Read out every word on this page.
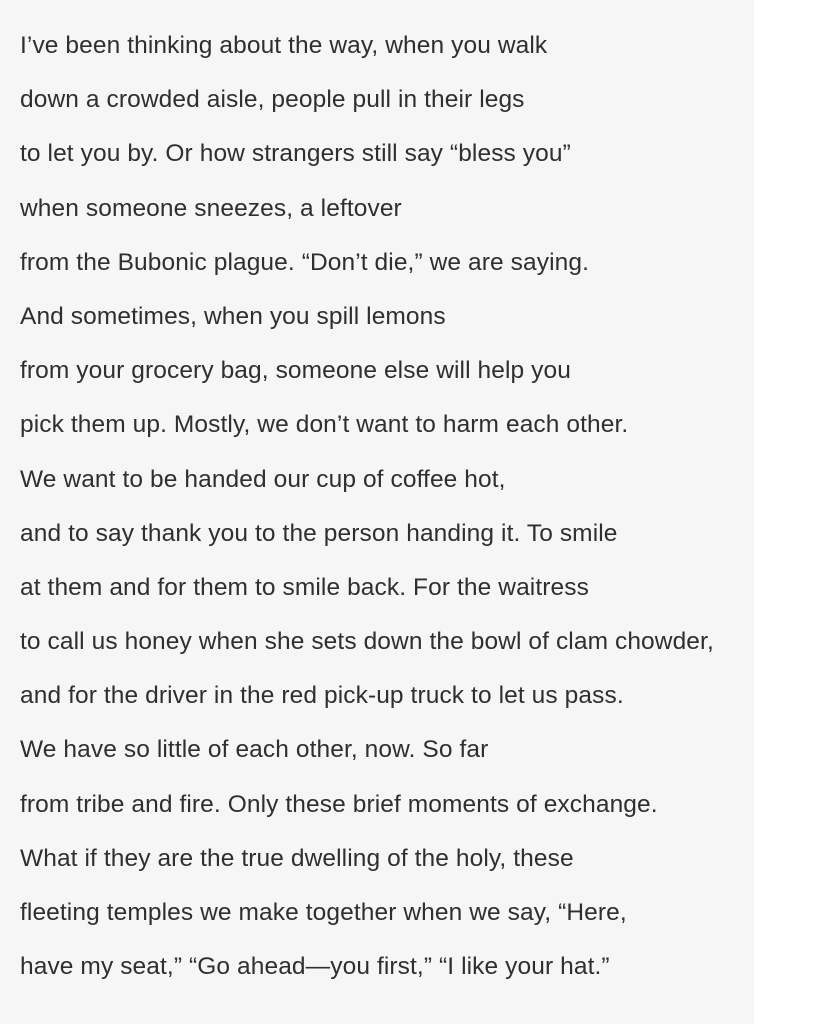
I’ve been thinking about the way, when you walk
down a crowded aisle, people pull in their legs
to let you by. Or how strangers still say “bless you”
when someone sneezes, a leftover
from the Bubonic plague. “Don’t die,” we are saying.
And sometimes, when you spill lemons
from your grocery bag, someone else will help you
pick them up. Mostly, we don’t want to harm each other.
We want to be handed our cup of coffee hot,
and to say thank you to the person handing it. To smile
at them and for them to smile back. For the waitress
to call us honey when she sets down the bowl of clam chowder,
and for the driver in the red pick-up truck to let us pass.
We have so little of each other, now. So far
from tribe and fire. Only these brief moments of exchange.
What if they are the true dwelling of the holy, these
fleeting temples we make together when we say, “Here,
have my seat,” “Go ahead—you first,” “I like your hat.”
